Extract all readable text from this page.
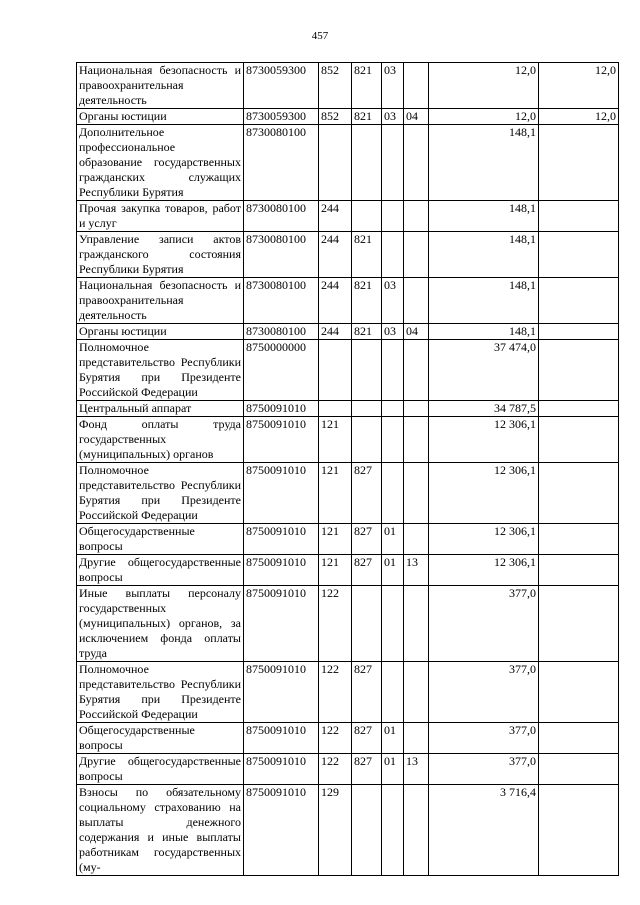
457
Национальная безопасность и правоохранительная деятельность	8730059300	852	821	03		12,0	12,0
Органы юстиции	8730059300	852	821	03	04	12,0	12,0
Дополнительное профессиональное образование государственных гражданских служащих Республики Бурятия	8730080100					148,1	
Прочая закупка товаров, работ и услуг	8730080100	244				148,1	
Управление записи актов гражданского состояния Республики Бурятия	8730080100	244	821			148,1	
Национальная безопасность и правоохранительная деятельность	8730080100	244	821	03		148,1	
Органы юстиции	8730080100	244	821	03	04	148,1	
Полномочное представительство Республики Бурятия при Президенте Российской Федерации	8750000000					37 474,0	
Центральный аппарат	8750091010					34 787,5	
Фонд оплаты труда государственных (муниципальных) органов	8750091010	121				12 306,1	
Полномочное представительство Республики Бурятия при Президенте Российской Федерации	8750091010	121	827			12 306,1	
Общегосударственные вопросы	8750091010	121	827	01		12 306,1	
Другие общегосударственные вопросы	8750091010	121	827	01	13	12 306,1	
Иные выплаты персоналу государственных (муниципальных) органов, за исключением фонда оплаты труда	8750091010	122				377,0	
Полномочное представительство Республики Бурятия при Президенте Российской Федерации	8750091010	122	827			377,0	
Общегосударственные вопросы	8750091010	122	827	01		377,0	
Другие общегосударственные вопросы	8750091010	122	827	01	13	377,0	
Взносы по обязательному социальному страхованию на выплаты денежного содержания и иные выплаты работникам государственных (му-	8750091010	129				3 716,4	
